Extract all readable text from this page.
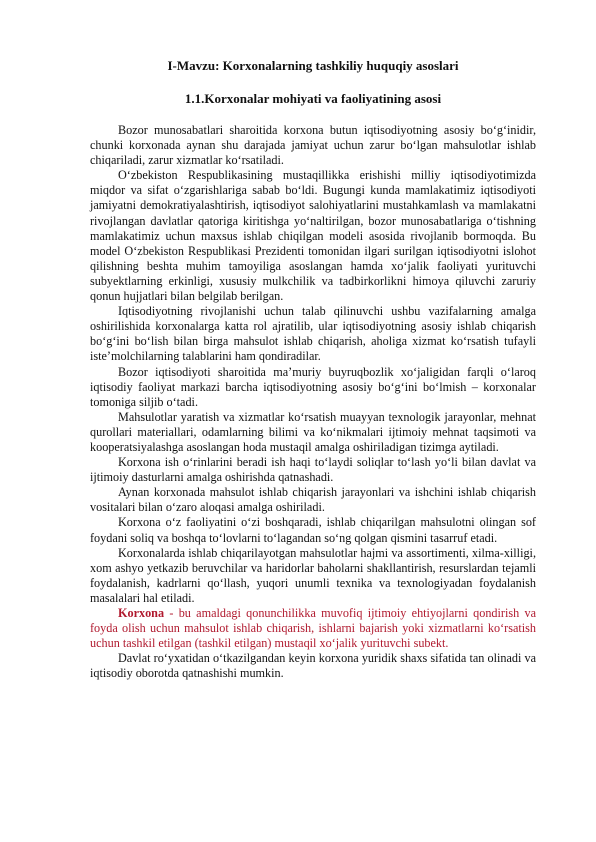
I-Mavzu: Korxonalarning tashkiliy huquqiy asoslari
1.1.Korxonalar mohiyati va faoliyatining asosi

Bozor munosabatlari sharoitida korxona butun iqtisodiyotning asosiy bo‘g‘inidir, chunki korxonada aynan shu darajada jamiyat uchun zarur bo‘lgan mahsulotlar ishlab chiqariladi, zarur xizmatlar ko‘rsatiladi.

O‘zbekiston Respublikasining mustaqillikka erishishi milliy iqtisodiyotimizda miqdor va sifat o‘zgarishlariga sabab bo‘ldi. Bugungi kunda mamlakatimiz iqtisodiyoti jamiyatni demokratiyalashtirish, iqtisodiyot salohiyatlarini mustahkamlash va mamlakatni rivojlangan davlatlar qatoriga kiritishga yo‘naltirilgan, bozor munosabatlariga o‘tishning mamlakatimiz uchun maxsus ishlab chiqilgan modeli asosida rivojlanib bormoqda. Bu model O‘zbekiston Respublikasi Prezidenti tomonidan ilgari surilgan iqtisodiyotni islohot qilishning beshta muhim tamoyiliga asoslangan hamda xo‘jalik faoliyati yurituvchi subyektlarning erkinligi, xususiy mulkchilik va tadbirkorlikni himoya qiluvchi zaruriy qonun hujjatlari bilan belgilab berilgan.

Iqtisodiyotning rivojlanishi uchun talab qilinuvchi ushbu vazifalarning amalga oshirilishida korxonalarga katta rol ajratilib, ular iqtisodiyotning asosiy ishlab chiqarish bo‘g‘ini bo‘lish bilan birga mahsulot ishlab chiqarish, aholiga xizmat ko‘rsatish tufayli iste’molchilarning talablarini ham qondiradilar.

Bozor iqtisodiyoti sharoitida ma’muriy buyruqbozlik xo‘jaligidan farqli o‘laroq iqtisodiy faoliyat markazi barcha iqtisodiyotning asosiy bo‘g‘ini bo‘lmish – korxonalar tomoniga siljib o‘tadi.

Mahsulotlar yaratish va xizmatlar ko‘rsatish muayyan texnologik jarayonlar, mehnat qurollari materiallari, odamlarning bilimi va ko‘nikmalari ijtimoiy mehnat taqsimoti va kooperatsiyalashga asoslangan hoda mustaqil amalga oshiriladigan tizimga aytiladi.

Korxona ish o‘rinlarini beradi ish haqi to‘laydi soliqlar to‘lash yo‘li bilan davlat va ijtimoiy dasturlarni amalga oshirishda qatnashadi.

Aynan korxonada mahsulot ishlab chiqarish jarayonlari va ishchini ishlab chiqarish vositalari bilan o‘zaro aloqasi amalga oshiriladi.

Korxona o‘z faoliyatini o‘zi boshqaradi, ishlab chiqarilgan mahsulotni olingan sof foydani soliq va boshqa to‘lovlarni to‘lagandan so‘ng qolgan qismini tasarruf etadi.

Korxonalarda ishlab chiqarilayotgan mahsulotlar hajmi va assortimenti, xilma-xilligi, xom ashyo yetkazib beruvchilar va haridorlar baholarni shakllantirish, resurslardan tejamli foydalanish, kadrlarni qo‘llash, yuqori unumli texnika va texnologiyadan foydalanish masalalari hal etiladi.

Korxona - bu amaldagi qonunchilikka muvofiq ijtimoiy ehtiyojlarni qondirish va foyda olish uchun mahsulot ishlab chiqarish, ishlarni bajarish yoki xizmatlarni ko‘rsatish uchun tashkil etilgan (tashkil etilgan) mustaqil xo‘jalik yurituvchi subekt.

Davlat ro‘yxatidan o‘tkazilgandan keyin korxona yuridik shaxs sifatida tan olinadi va iqtisodiy oborotda qatnashishi mumkin.
